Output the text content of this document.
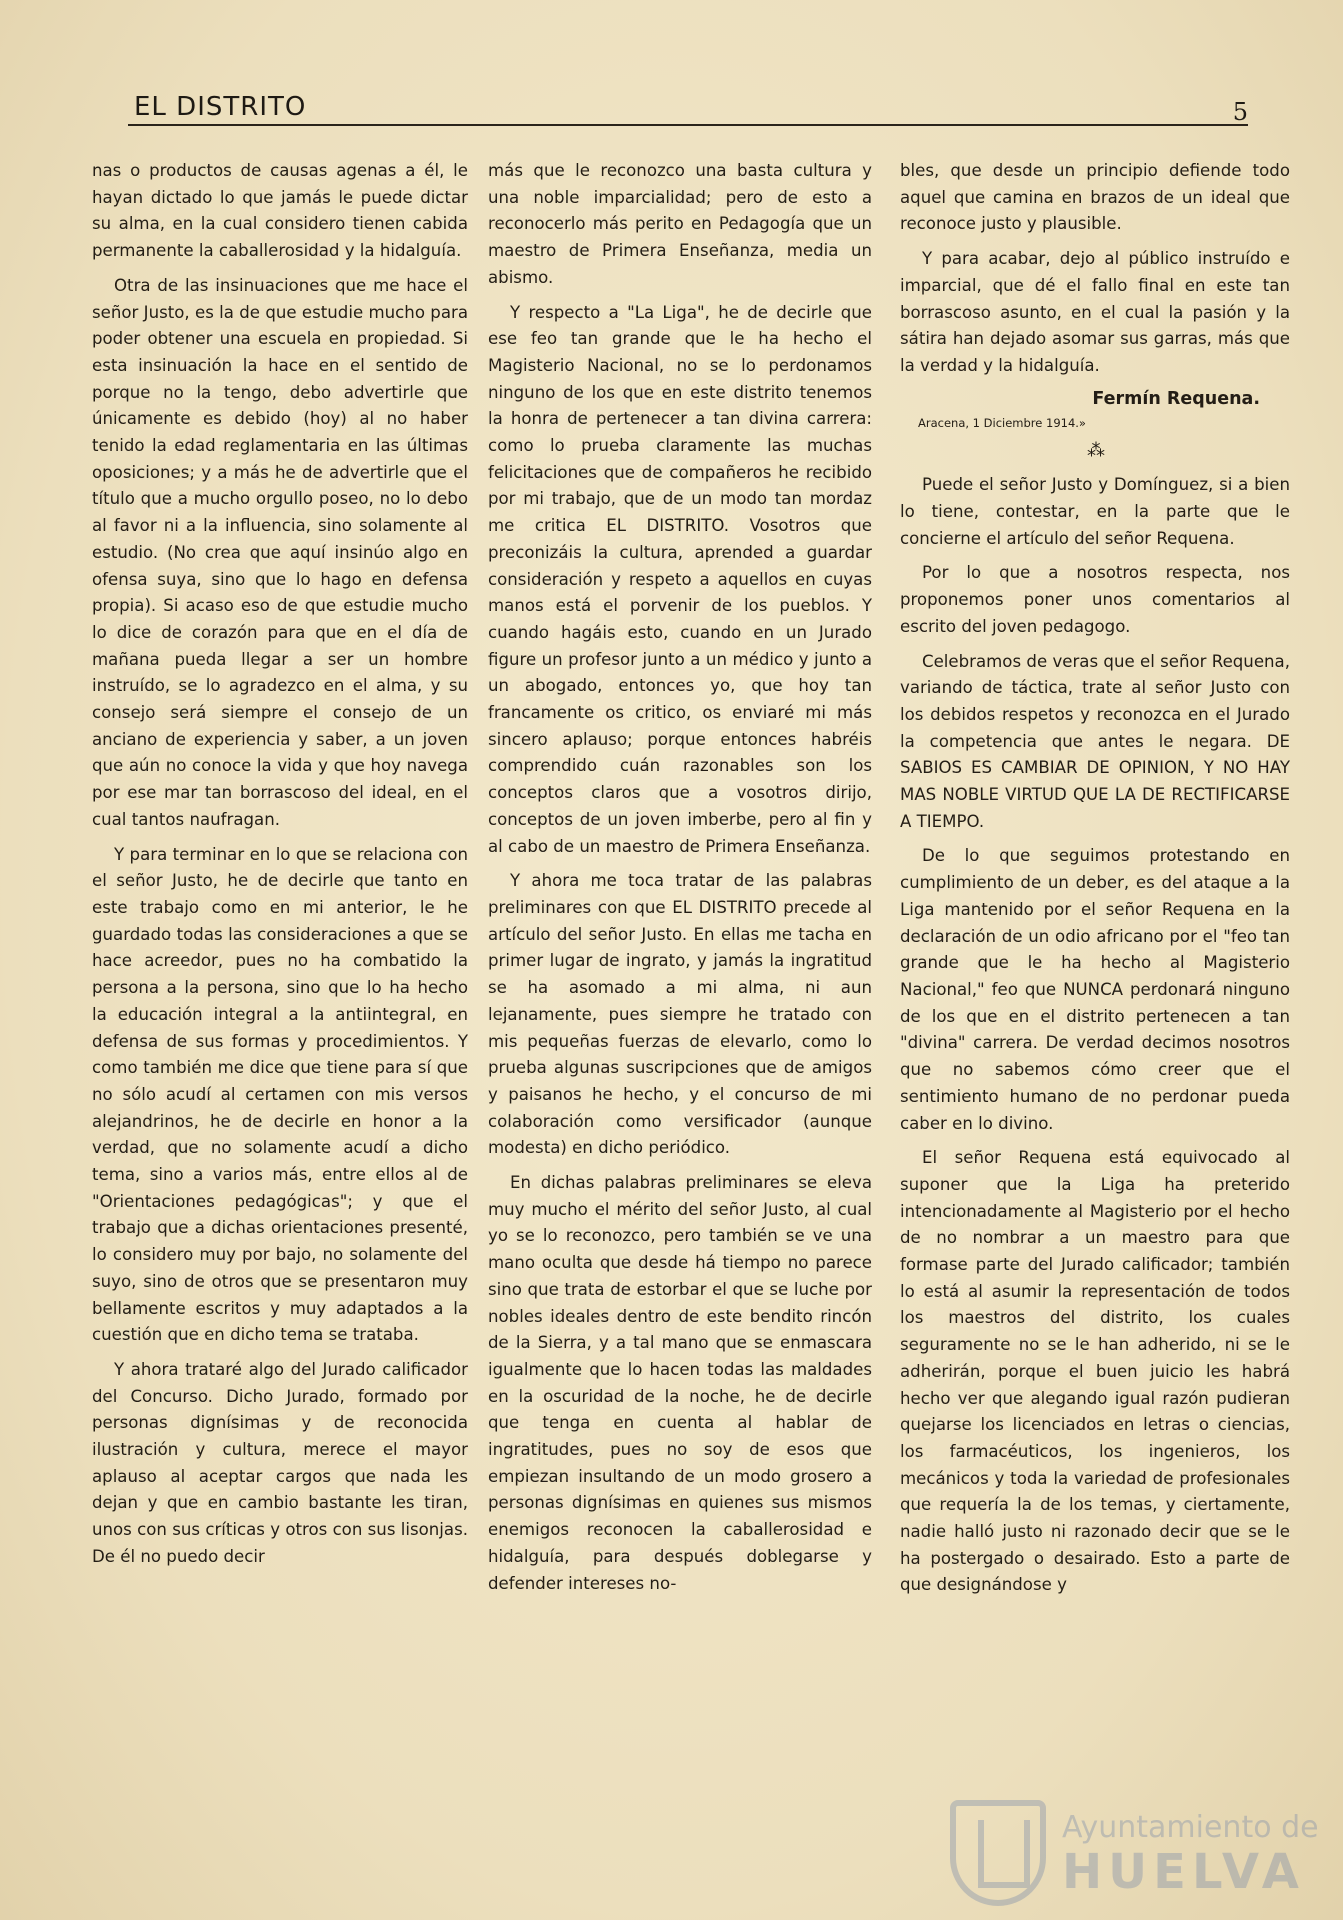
EL DISTRITO	5

nas o productos de causas agenas a él, le hayan dictado lo que jamás le puede dictar su alma, en la cual considero tienen cabida permanente la caballerosidad y la hidalguía.

Otra de las insinuaciones que me hace el señor Justo, es la de que estudie mucho para poder obtener una escuela en propiedad. Si esta insinuación la hace en el sentido de porque no la tengo, debo advertirle que únicamente es debido (hoy) al no haber tenido la edad reglamentaria en las últimas oposiciones; y a más he de advertirle que el título que a mucho orgullo poseo, no lo debo al favor ni a la influencia, sino solamente al estudio. (No crea que aquí insinúo algo en ofensa suya, sino que lo hago en defensa propia). Si acaso eso de que estudie mucho lo dice de corazón para que en el día de mañana pueda llegar a ser un hombre instruído, se lo agradezco en el alma, y su consejo será siempre el consejo de un anciano de experiencia y saber, a un joven que aún no conoce la vida y que hoy navega por ese mar tan borrascoso del ideal, en el cual tantos naufragan.

Y para terminar en lo que se relaciona con el señor Justo, he de decirle que tanto en este trabajo como en mi anterior, le he guardado todas las consideraciones a que se hace acreedor, pues no ha combatido la persona a la persona, sino que lo ha hecho la educación integral a la antiintegral, en defensa de sus formas y procedimientos. Y como también me dice que tiene para sí que no sólo acudí al certamen con mis versos alejandrinos, he de decirle en honor a la verdad, que no solamente acudí a dicho tema, sino a varios más, entre ellos al de "Orientaciones pedagógicas"; y que el trabajo que a dichas orientaciones presenté, lo considero muy por bajo, no solamente del suyo, sino de otros que se presentaron muy bellamente escritos y muy adaptados a la cuestión que en dicho tema se trataba.

Y ahora trataré algo del Jurado calificador del Concurso. Dicho Jurado, formado por personas dignísimas y de reconocida ilustración y cultura, merece el mayor aplauso al aceptar cargos que nada les dejan y que en cambio bastante les tiran, unos con sus críticas y otros con sus lisonjas. De él no puedo decir

más que le reconozco una basta cultura y una noble imparcialidad; pero de esto a reconocerlo más perito en Pedagogía que un maestro de Primera Enseñanza, media un abismo.

Y respecto a "La Liga", he de decirle que ese feo tan grande que le ha hecho el Magisterio Nacional, no se lo perdonamos ninguno de los que en este distrito tenemos la honra de pertenecer a tan divina carrera: como lo prueba claramente las muchas felicitaciones que de compañeros he recibido por mi trabajo, que de un modo tan mordaz me critica EL DISTRITO. Vosotros que preconizáis la cultura, aprended a guardar consideración y respeto a aquellos en cuyas manos está el porvenir de los pueblos. Y cuando hagáis esto, cuando en un Jurado figure un profesor junto a un médico y junto a un abogado, entonces yo, que hoy tan francamente os critico, os enviaré mi más sincero aplauso; porque entonces habréis comprendido cuán razonables son los conceptos claros que a vosotros dirijo, conceptos de un joven imberbe, pero al fin y al cabo de un maestro de Primera Enseñanza.

Y ahora me toca tratar de las palabras preliminares con que EL DISTRITO precede al artículo del señor Justo. En ellas me tacha en primer lugar de ingrato, y jamás la ingratitud se ha asomado a mi alma, ni aun lejanamente, pues siempre he tratado con mis pequeñas fuerzas de elevarlo, como lo prueba algunas suscripciones que de amigos y paisanos he hecho, y el concurso de mi colaboración como versificador (aunque modesta) en dicho periódico.

En dichas palabras preliminares se eleva muy mucho el mérito del señor Justo, al cual yo se lo reconozco, pero también se ve una mano oculta que desde há tiempo no parece sino que trata de estorbar el que se luche por nobles ideales dentro de este bendito rincón de la Sierra, y a tal mano que se enmascara igualmente que lo hacen todas las maldades en la oscuridad de la noche, he de decirle que tenga en cuenta al hablar de ingratitudes, pues no soy de esos que empiezan insultando de un modo grosero a personas dignísimas en quienes sus mismos enemigos reconocen la caballerosidad e hidalguía, para después doblegarse y defender intereses no-

bles, que desde un principio defiende todo aquel que camina en brazos de un ideal que reconoce justo y plausible.

Y para acabar, dejo al público instruído e imparcial, que dé el fallo final en este tan borrascoso asunto, en el cual la pasión y la sátira han dejado asomar sus garras, más que la verdad y la hidalguía.

Fermín Requena.

Aracena, 1 Diciembre 1914.»

⁂

Puede el señor Justo y Domínguez, si a bien lo tiene, contestar, en la parte que le concierne el artículo del señor Requena.

Por lo que a nosotros respecta, nos proponemos poner unos comentarios al escrito del joven pedagogo.

Celebramos de veras que el señor Requena, variando de táctica, trate al señor Justo con los debidos respetos y reconozca en el Jurado la competencia que antes le negara. DE SABIOS ES CAMBIAR DE OPINION, Y NO HAY MAS NOBLE VIRTUD QUE LA DE RECTIFICARSE A TIEMPO.

De lo que seguimos protestando en cumplimiento de un deber, es del ataque a la Liga mantenido por el señor Requena en la declaración de un odio africano por el "feo tan grande que le ha hecho al Magisterio Nacional," feo que NUNCA perdonará ninguno de los que en el distrito pertenecen a tan "divina" carrera. De verdad decimos nosotros que no sabemos cómo creer que el sentimiento humano de no perdonar pueda caber en lo divino.

El señor Requena está equivocado al suponer que la Liga ha preterido intencionadamente al Magisterio por el hecho de no nombrar a un maestro para que formase parte del Jurado calificador; también lo está al asumir la representación de todos los maestros del distrito, los cuales seguramente no se le han adherido, ni se le adherirán, porque el buen juicio les habrá hecho ver que alegando igual razón pudieran quejarse los licenciados en letras o ciencias, los farmacéuticos, los ingenieros, los mecánicos y toda la variedad de profesionales que requería la de los temas, y ciertamente, nadie halló justo ni razonado decir que se le ha postergado o desairado. Esto a parte de que designándose y

Ayuntamiento de
HUELVA
